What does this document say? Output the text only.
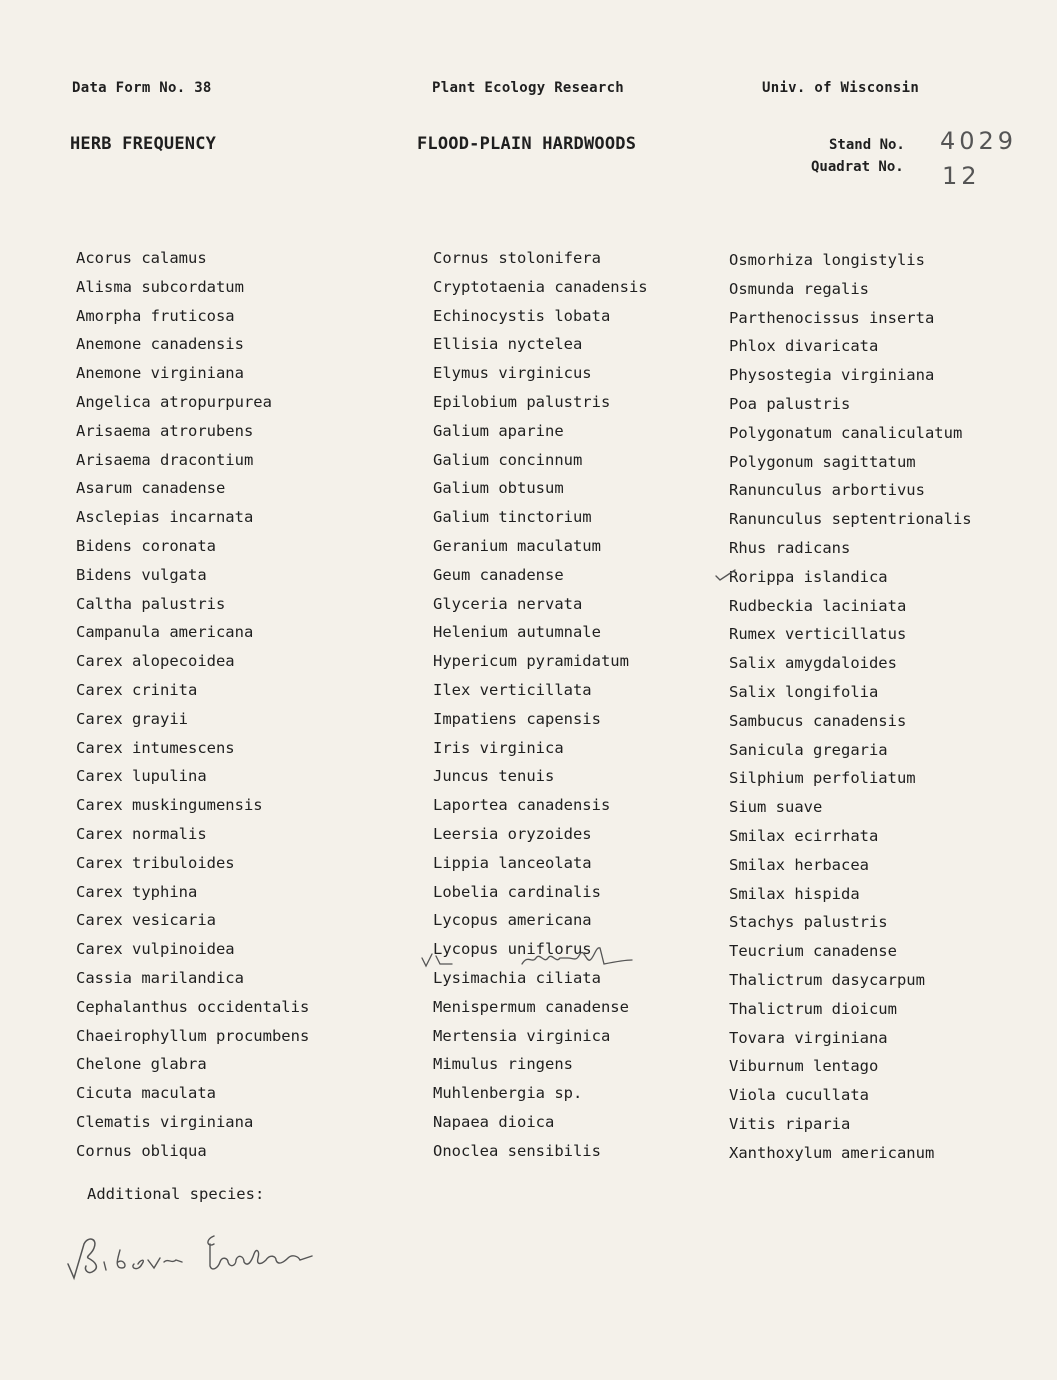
Data Form No. 38	Plant Ecology Research	Univ. of Wisconsin
HERB FREQUENCY	FLOOD-PLAIN HARDWOODS	Stand No. 4029
Quadrat No. 12
Acorus calamus
Alisma subcordatum
Amorpha fruticosa
Anemone canadensis
Anemone virginiana
Angelica atropurpurea
Arisaema atrorubens
Arisaema dracontium
Asarum canadense
Asclepias incarnata
Bidens coronata
Bidens vulgata
Caltha palustris
Campanula americana
Carex alopecoidea
Carex crinita
Carex grayii
Carex intumescens
Carex lupulina
Carex muskingumensis
Carex normalis
Carex tribuloides
Carex typhina
Carex vesicaria
Carex vulpinoidea
Cassia marilandica
Cephalanthus occidentalis
Chaeirophyllum procumbens
Chelone glabra
Cicuta maculata
Clematis virginiana
Cornus obliqua
Cornus stolonifera
Cryptotaenia canadensis
Echinocystis lobata
Ellisia nyctelea
Elymus virginicus
Epilobium palustris
Galium aparine
Galium concinnum
Galium obtusum
Galium tinctorium
Geranium maculatum
Geum canadense
Glyceria nervata
Helenium autumnale
Hypericum pyramidatum
Ilex verticillata
Impatiens capensis
Iris virginica
Juncus tenuis
Laportea canadensis
Leersia oryzoides
Lippia lanceolata
Lobelia cardinalis
Lycopus americana
Lycopus uniflorus
Lysimachia ciliata
Menispermum canadense
Mertensia virginica
Mimulus ringens
Muhlenbergia sp.
Napaea dioica
Onoclea sensibilis
Osmorhiza longistylis
Osmunda regalis
Parthenocissus inserta
Phlox divaricata
Physostegia virginiana
Poa palustris
Polygonatum canaliculatum
Polygonum sagittatum
Ranunculus arbortivus
Ranunculus septentrionalis
Rhus radicans
Rorippa islandica
Rudbeckia laciniata
Rumex verticillatus
Salix amygdaloides
Salix longifolia
Sambucus canadensis
Sanicula gregaria
Silphium perfoliatum
Sium suave
Smilax ecirrhata
Smilax herbacea
Smilax hispida
Stachys palustris
Teucrium canadense
Thalictrum dasycarpum
Thalictrum dioicum
Tovara virginiana
Viburnum lentago
Viola cucullata
Vitis riparia
Xanthoxylum americanum
Additional species:
